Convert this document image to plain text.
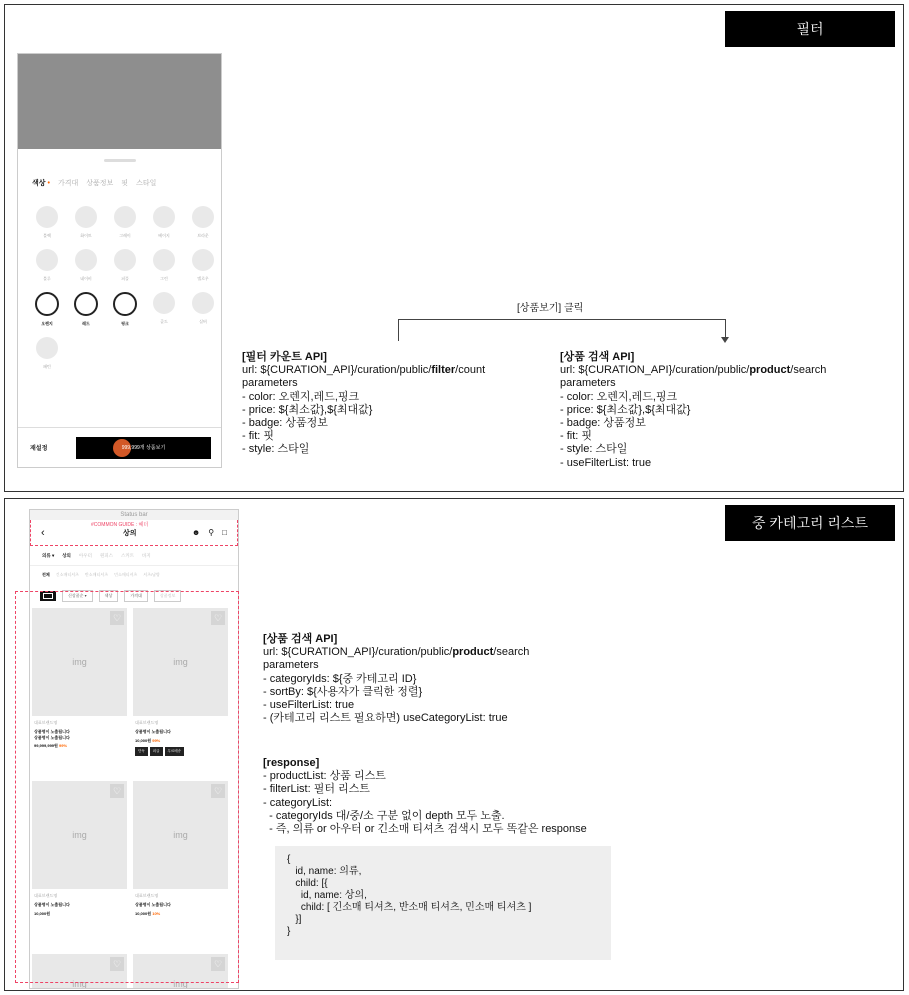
필터
색상 • 가격대 상품정보 핏 스타일
블랙	화이트	그레이	베이지	브라운
블루	네이비	퍼플	그린	옐로우
오렌지	레드	핑크	골드	실버
패턴
재설정	999,999개 상품보기
[상품보기] 클릭
[필터 카운트 API]
url: ${CURATION_API}/curation/public/filter/count
parameters
- color: 오렌지,레드,핑크
- price: ${최소값},${최대값}
- badge: 상품정보
- fit: 핏
- style: 스타일
[상품 검색 API]
url: ${CURATION_API}/curation/public/product/search
parameters
- color: 오렌지,레드,핑크
- price: ${최소값},${최대값}
- badge: 상품정보
- fit: 핏
- style: 스타일
- useFilterList: true
중 카테고리 리스트
Status bar
‹
#COMMON GUIDE : 헤더
상의	☻ ⚲ □
의류 ▾ 상의 아우터 원피스 스커트 바지
전체 긴소매티셔츠 반소매티셔츠 민소매티셔츠 셔츠/남방
신상품순 ▾	색상	가격대	상품정보
img
♡
대표브랜드명
상품명이 노출됩니다
상품명이 노출됩니다
99,999,999원 99%
img
♡
대표브랜드명
상품명이 노출됩니다
10,000원 99%
단독	피클	무료배송
img
♡
대표브랜드명
상품명이 노출됩니다
10,000원
img
♡
대표브랜드명
상품명이 노출됩니다
10,000원 10%
img
♡
img
♡
[상품 검색 API]
url: ${CURATION_API}/curation/public/product/search
parameters
- categoryIds: ${중 카테고리 ID}
- sortBy: ${사용자가 클릭한 정렬}
- useFilterList: true
- (카테고리 리스트 필요하면) useCategoryList: true
[response]
- productList: 상품 리스트
- filterList: 필터 리스트
- categoryList:
- categoryIds 대/중/소 구분 없이 depth 모두 노출.
- 즉, 의류 or 아우터 or 긴소매 티셔츠 검색시 모두 똑같은 response
{
id, name: 의류,
child: [{
id, name: 상의,
child: [ 긴소매 티셔츠, 반소매 티셔츠, 민소매 티셔츠 ]
}]
}
